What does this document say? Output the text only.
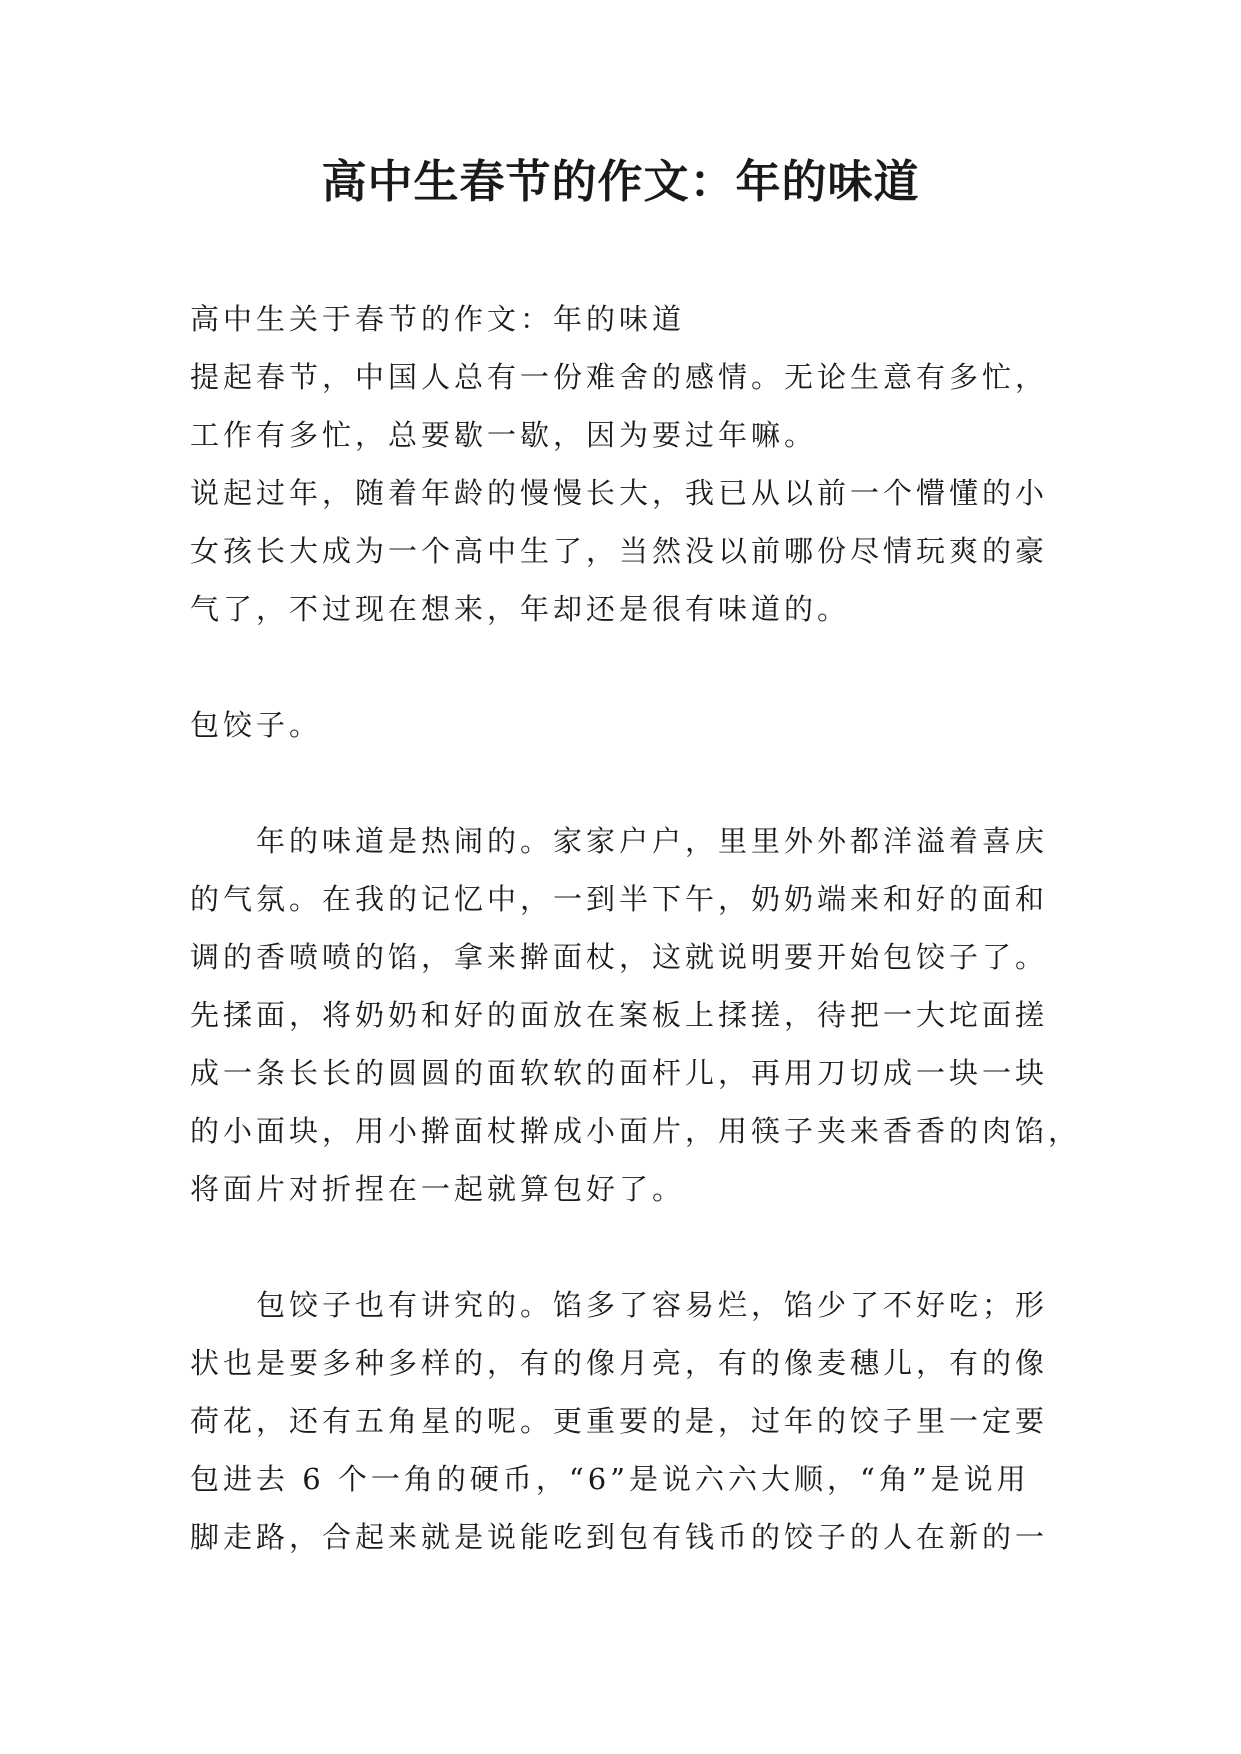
高中生春节的作文：年的味道
高中生关于春节的作文：年的味道
提起春节，中国人总有一份难舍的感情。无论生意有多忙，
工作有多忙，总要歇一歇，因为要过年嘛。
说起过年，随着年龄的慢慢长大，我已从以前一个懵懂的小
女孩长大成为一个高中生了，当然没以前哪份尽情玩爽的豪
气了，不过现在想来，年却还是很有味道的。
包饺子。
年的味道是热闹的。家家户户，里里外外都洋溢着喜庆
的气氛。在我的记忆中，一到半下午，奶奶端来和好的面和
调的香喷喷的馅，拿来擀面杖，这就说明要开始包饺子了。
先揉面，将奶奶和好的面放在案板上揉搓，待把一大坨面搓
成一条长长的圆圆的面软软的面杆儿，再用刀切成一块一块
的小面块，用小擀面杖擀成小面片，用筷子夹来香香的肉馅，
将面片对折捏在一起就算包好了。
包饺子也有讲究的。馅多了容易烂，馅少了不好吃；形
状也是要多种多样的，有的像月亮，有的像麦穗儿，有的像
荷花，还有五角星的呢。更重要的是，过年的饺子里一定要
包进去 6 个一角的硬币，“6”是说六六大顺，“角”是说用
脚走路，合起来就是说能吃到包有钱币的饺子的人在新的一
